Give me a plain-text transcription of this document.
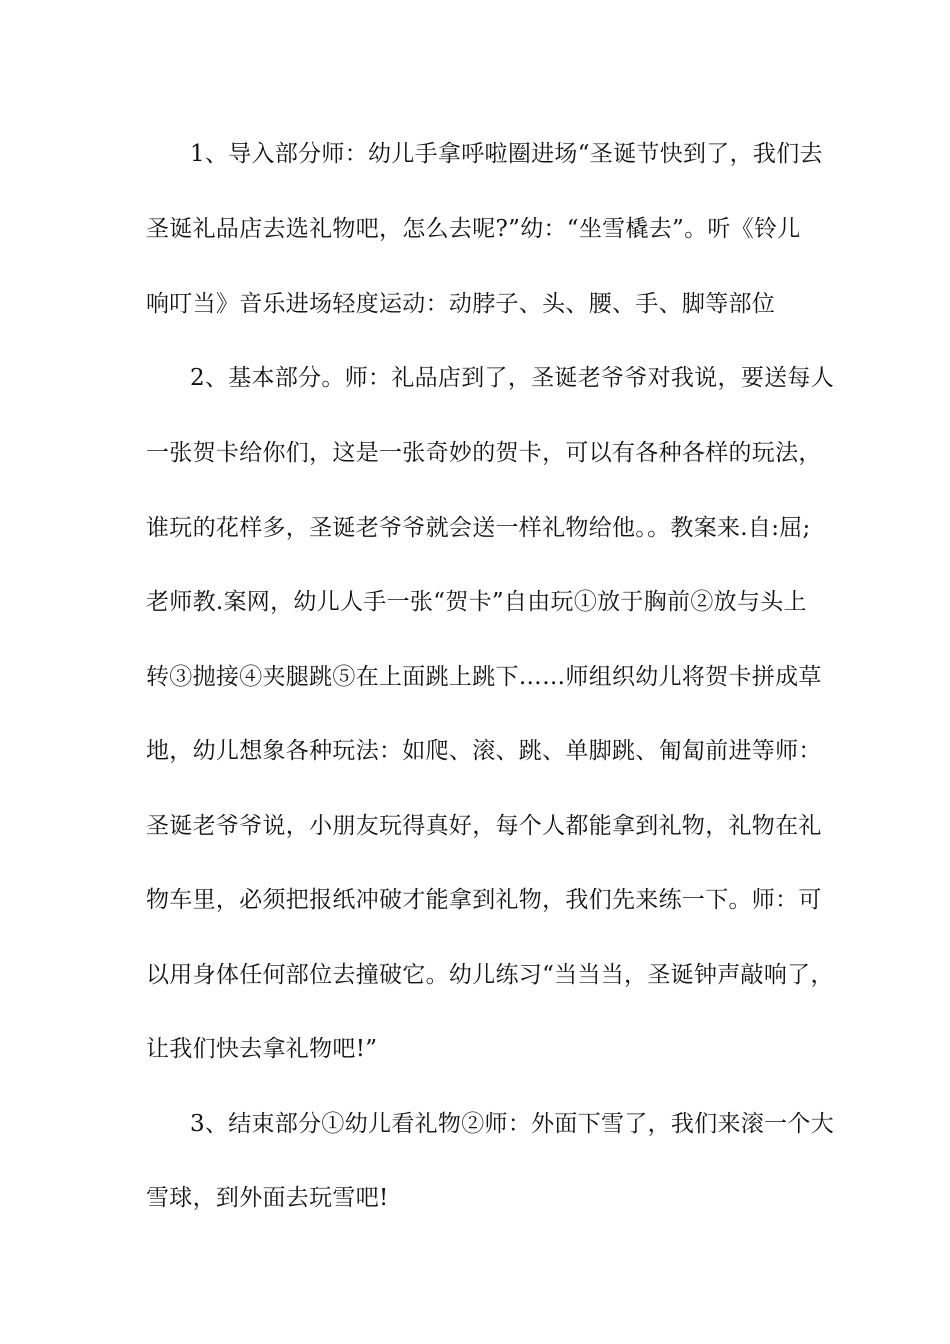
1、导入部分师：幼儿手拿呼啦圈进场“圣诞节快到了，我们去
圣诞礼品店去选礼物吧，怎么去呢?”幼：“坐雪橇去”。听《铃儿
响叮当》音乐进场轻度运动：动脖子、头、腰、手、脚等部位
2、基本部分。师：礼品店到了，圣诞老爷爷对我说，要送每人
一张贺卡给你们，这是一张奇妙的贺卡，可以有各种各样的玩法，
谁玩的花样多，圣诞老爷爷就会送一样礼物给他。。教案来.自:屈;
老师教.案网，幼儿人手一张“贺卡”自由玩①放于胸前②放与头上
转③抛接④夹腿跳⑤在上面跳上跳下……师组织幼儿将贺卡拼成草
地，幼儿想象各种玩法：如爬、滚、跳、单脚跳、匍匐前进等师：
圣诞老爷爷说，小朋友玩得真好，每个人都能拿到礼物，礼物在礼
物车里，必须把报纸冲破才能拿到礼物，我们先来练一下。师：可
以用身体任何部位去撞破它。幼儿练习“当当当，圣诞钟声敲响了，
让我们快去拿礼物吧!”
3、结束部分①幼儿看礼物②师：外面下雪了，我们来滚一个大
雪球，到外面去玩雪吧!
